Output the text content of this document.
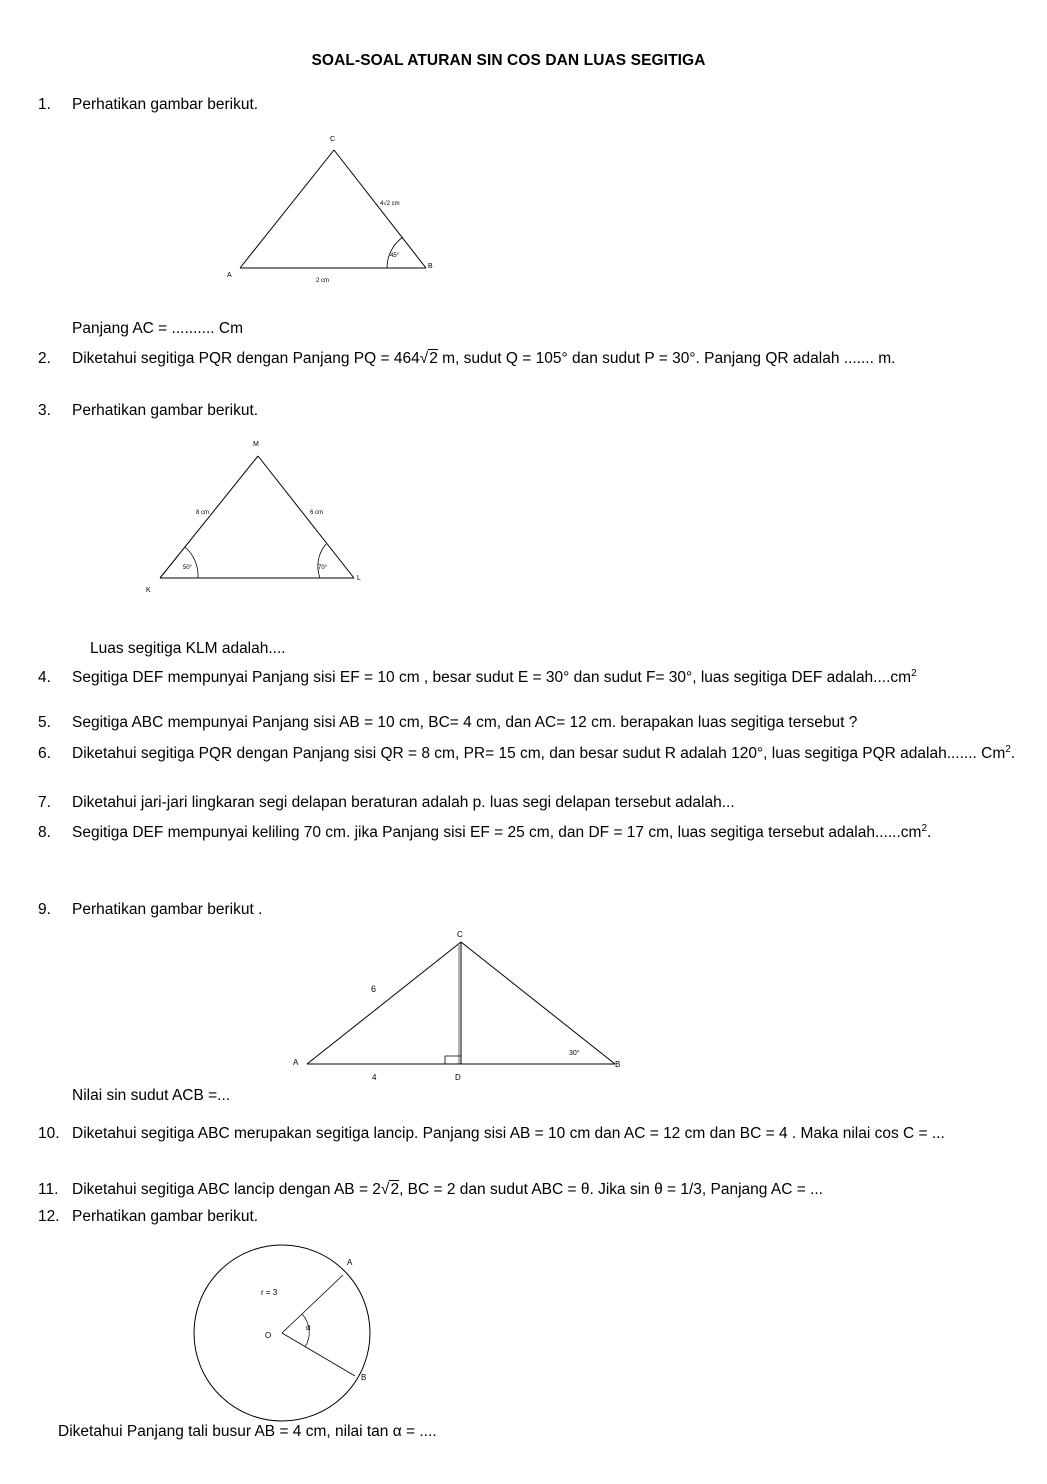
SOAL-SOAL ATURAN SIN COS DAN LUAS SEGITIGA
1. Perhatikan gambar berikut.
C
A
B
4√2 cm
2 cm
45°
Panjang AC = .......... Cm
2. Diketahui segitiga PQR dengan Panjang PQ = 464√2 m, sudut Q = 105° dan sudut P = 30°. Panjang QR adalah ....... m.
3. Perhatikan gambar berikut.
M
K
L
8 cm	6 cm
50°	70°
Luas segitiga KLM adalah....
4. Segitiga DEF mempunyai Panjang sisi EF = 10 cm , besar sudut E = 30° dan sudut F= 30°, luas segitiga DEF $adalah....cm^2$
5. Segitiga ABC mempunyai Panjang sisi AB = 10 cm, BC= 4 cm, dan AC= 12 cm. berapakan luas segitiga tersebut ?
6. Diketahui segitiga PQR dengan Panjang sisi QR = 8 cm, PR= 15 cm, dan besar sudut R adalah 120°, luas segitiga PQR adalah....... Cm$^2$.
7. Diketahui jari-jari lingkaran segi delapan beraturan adalah p. luas segi delapan tersebut adalah...
8. Segitiga DEF mempunyai keliling 70 cm. jika Panjang sisi EF = 25 cm, dan DF = 17 cm, luas segitiga tersebut $adalah......cm^2$.
9. Perhatikan gambar berikut .
C
A	B
D
6
4
30°
Nilai sin sudut ACB =...
10. Diketahui segitiga ABC merupakan segitiga lancip. Panjang sisi AB = 10 cm dan AC = 12 cm dan BC = 4 . Maka nilai cos C = ...
11. Diketahui segitiga ABC lancip dengan AB = 2√2, BC = 2 dan sudut ABC = θ. Jika sin θ = 1/3, Panjang AC = ...
12. Perhatikan gambar berikut.
A
B
O
r = 3
α
Diketahui Panjang tali busur AB = 4 cm, nilai tan α = ....
